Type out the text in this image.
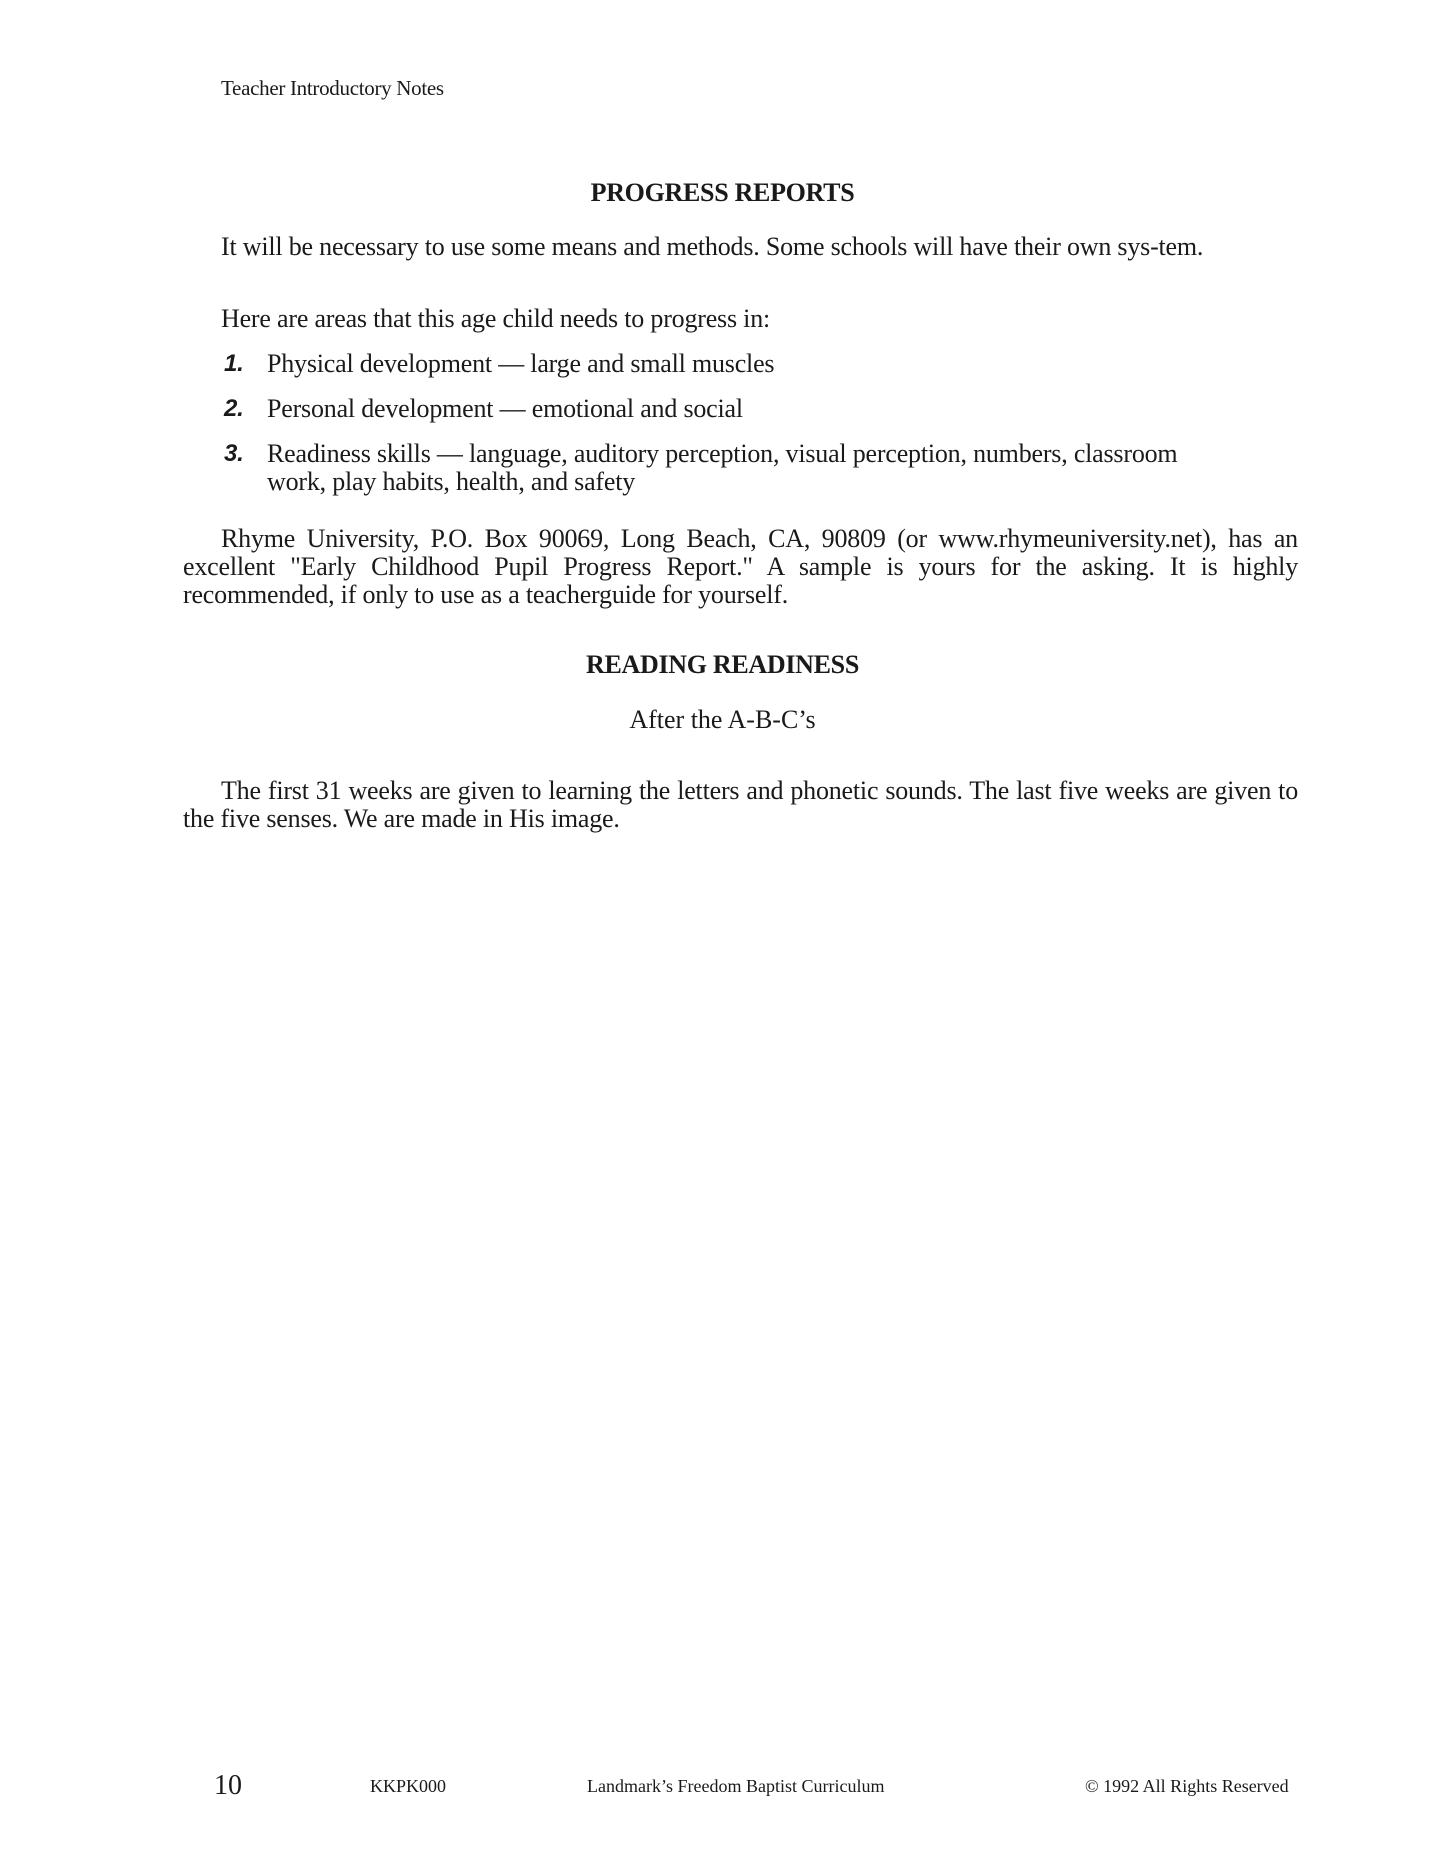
Teacher Introductory Notes
PROGRESS REPORTS
It will be necessary to use some means and methods. Some schools will have their own sys-tem.
Here are areas that this age child needs to progress in:
1. Physical development — large and small muscles
2. Personal development — emotional and social
3. Readiness skills — language, auditory perception, visual perception, numbers, classroom work, play habits, health, and safety
Rhyme University, P.O. Box 90069, Long Beach, CA, 90809 (or www.rhymeuniversity.net), has an excellent "Early Childhood Pupil Progress Report." A sample is yours for the asking. It is highly recommended, if only to use as a teacherguide for yourself.
READING READINESS
After the A-B-C’s
The first 31 weeks are given to learning the letters and phonetic sounds. The last five weeks are given to the five senses. We are made in His image.
10	KKPK000	Landmark’s Freedom Baptist Curriculum	© 1992 All Rights Reserved
